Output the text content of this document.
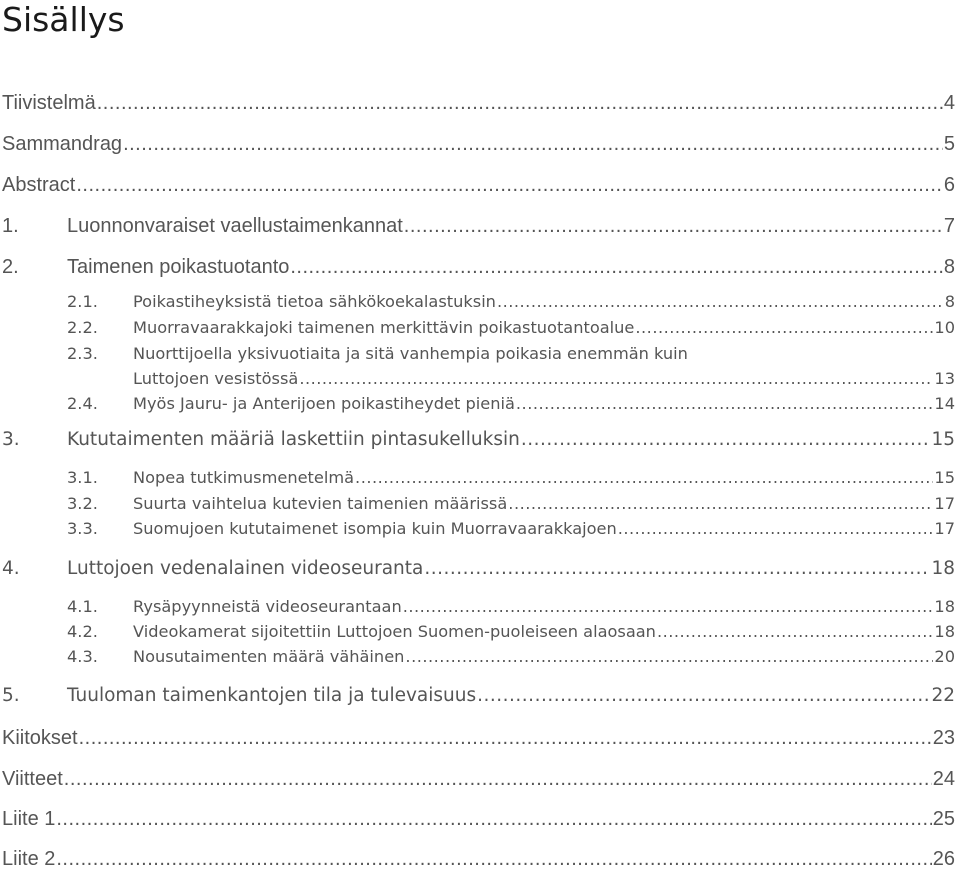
Sisällys
Tiivistelmä .....	4
Sammandrag .....	5
Abstract .....	6
1. Luonnonvaraiset vaellustaimenkannat .....	7
2. Taimenen poikastuotanto .....	8
2.1. Poikastiheyksistä tietoa sähkökoekalastuksin .....	8
2.2. Muorravaarakkajoki taimenen merkittävin poikastuotantoalue .....	10
2.3. Nuorttijoella yksivuotiaita ja sitä vanhempia poikasia enemmän kuin
Luttojoen vesistössä .....	13
2.4. Myös Jauru- ja Anterijoen poikastiheydet pieniä .....	14
3.	Kututaimenten määriä laskettiin pintasukelluksin .....	15
3.1. Nopea tutkimusmenetelmä .....	15
3.2. Suurta vaihtelua kutevien taimenien määrissä .....	17
3.3. Suomujoen kututaimenet isompia kuin Muorravaarakkajoen .....	17
4.	Luttojoen vedenalainen videoseuranta .....	18
4.1. Rysäpyynneistä videoseurantaan .....	18
4.2. Videokamerat sijoitettiin Luttojoen Suomen-puoleiseen alaosaan .....	18
4.3. Nousutaimenten määrä vähäinen .....	20
5.	Tuuloman taimenkantojen tila ja tulevaisuus .....	22
Kiitokset .....	23
Viitteet .....	24
Liite 1 .....	25
Liite 2 .....	26
